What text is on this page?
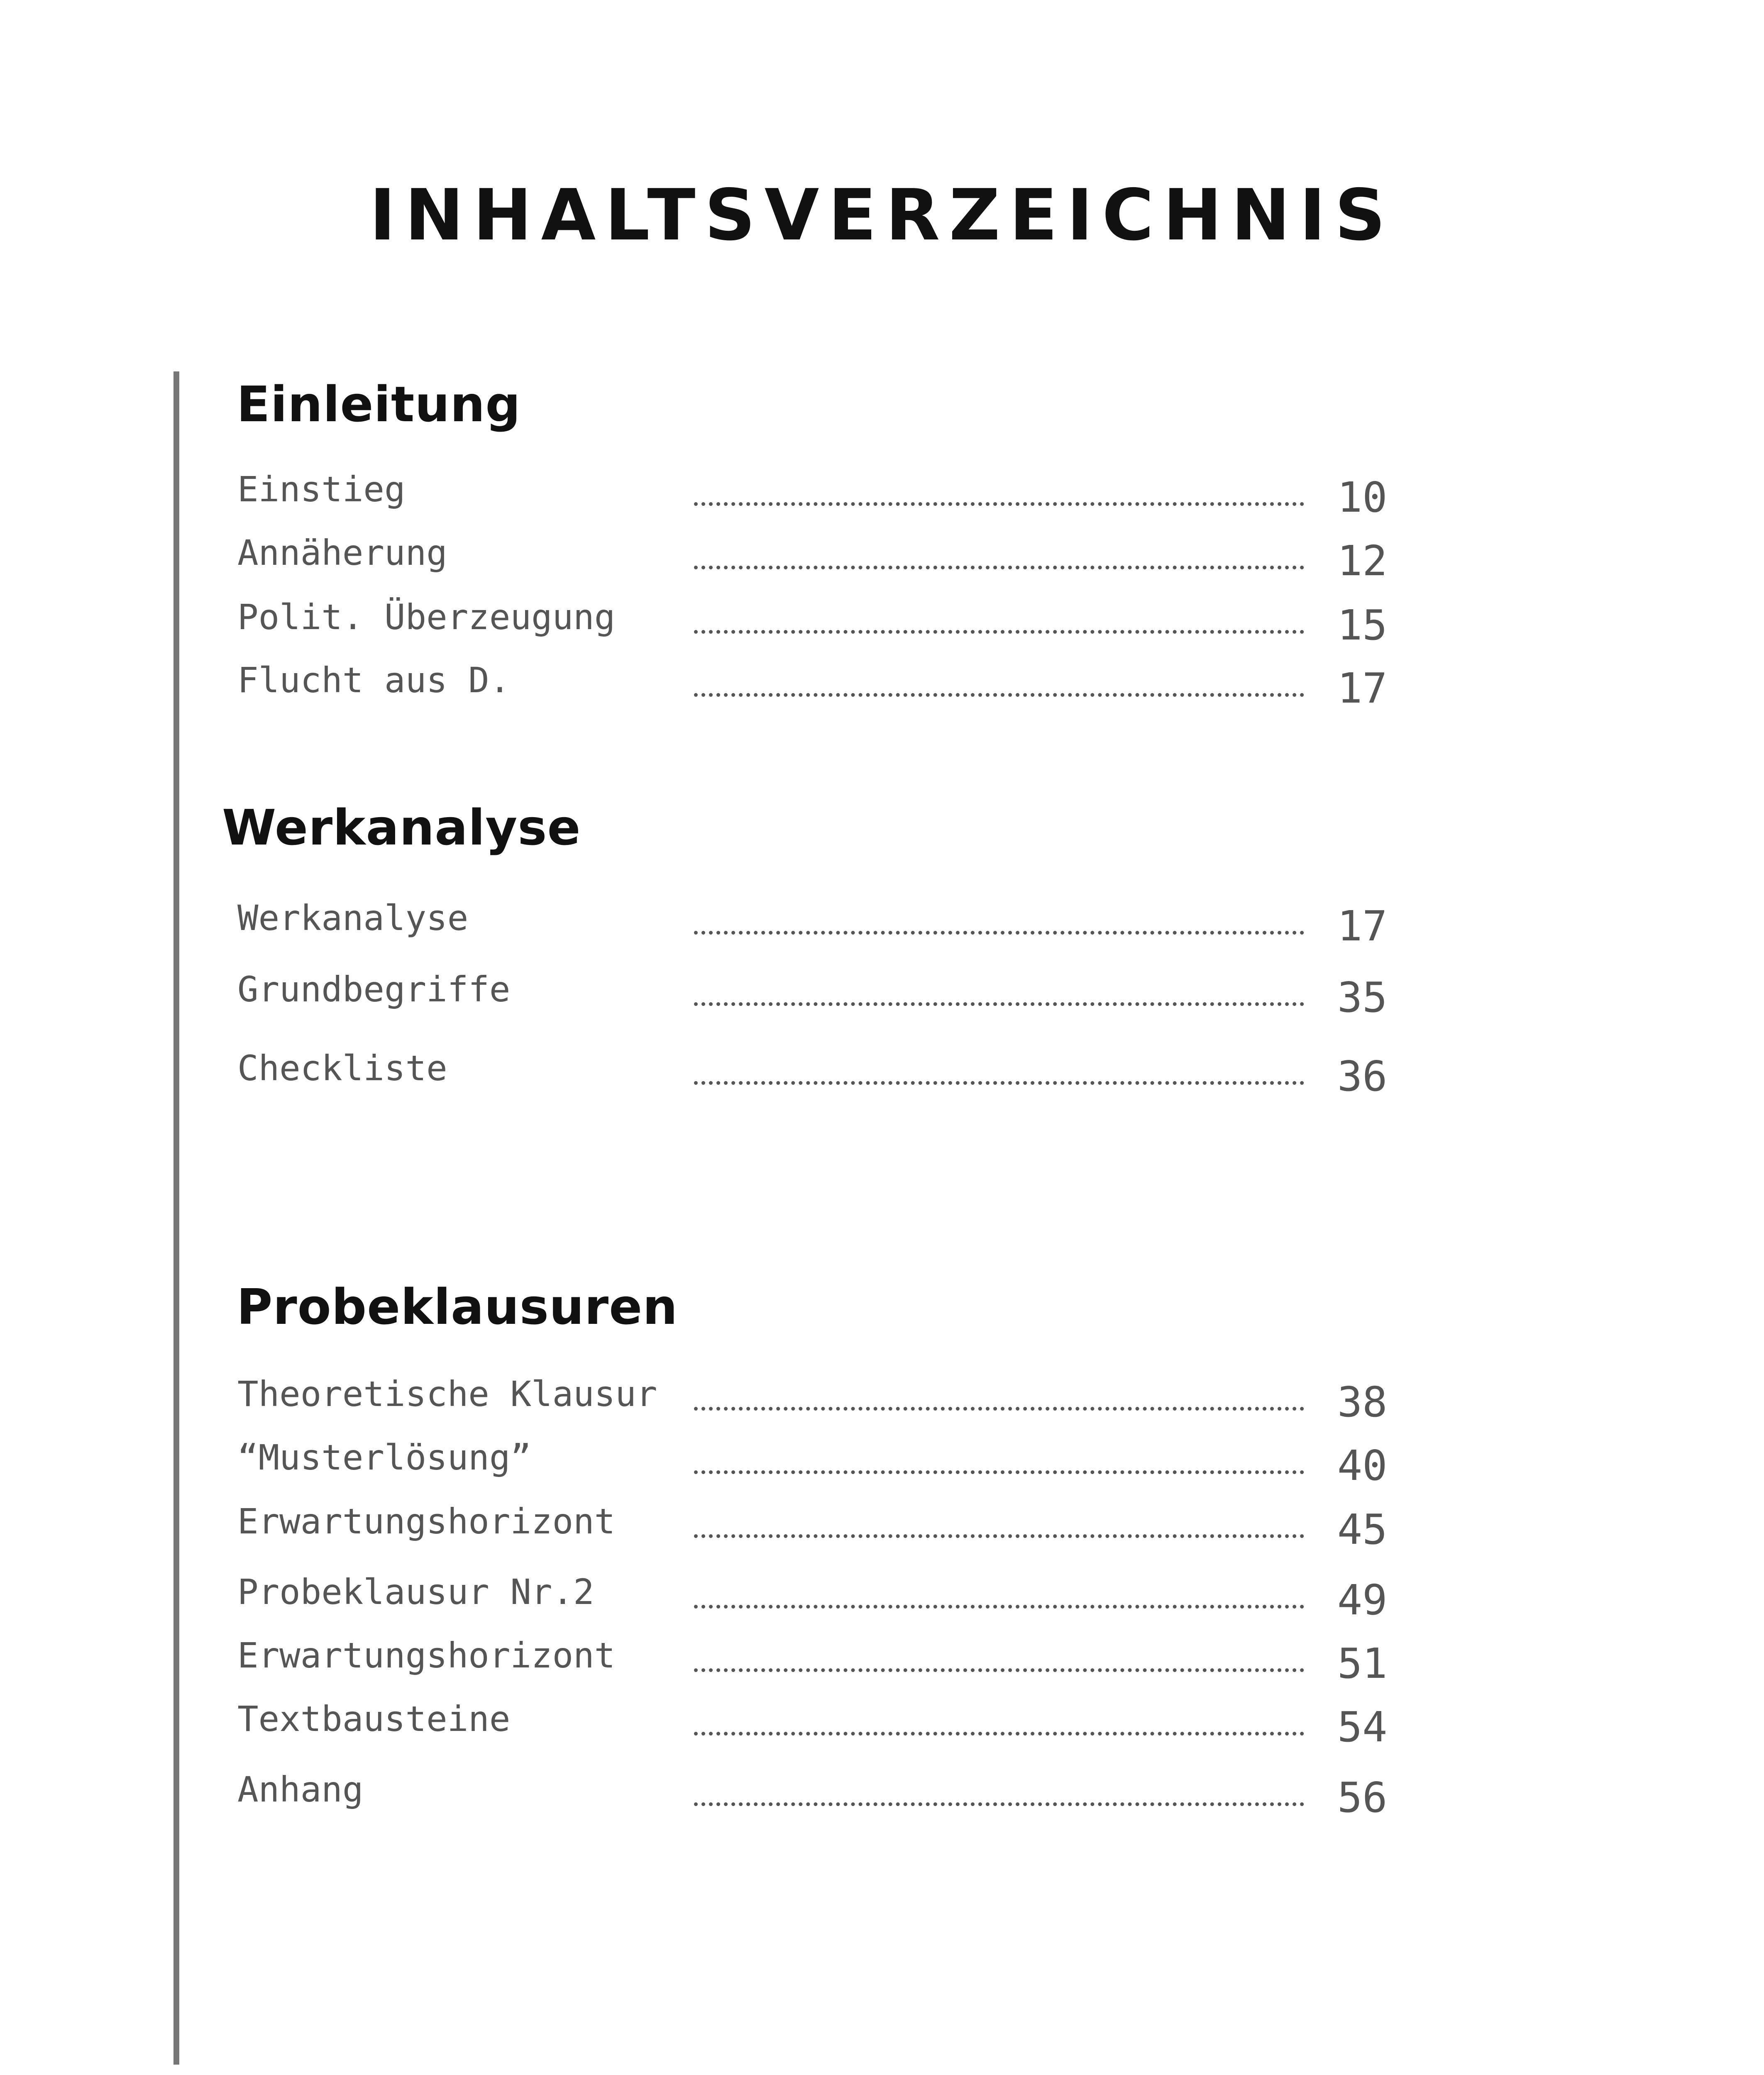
INHALTSVERZEICHNIS
Einleitung
Einstieg	10
Annäherung	12
Polit. Überzeugung	15
Flucht aus D.	17
Werkanalyse
Werkanalyse	17
Grundbegriffe	35
Checkliste	36
Probeklausuren
Theoretische Klausur	38
“Musterlösung”	40
Erwartungshorizont	45
Probeklausur Nr.2	49
Erwartungshorizont	51
Textbausteine	54
Anhang	56
